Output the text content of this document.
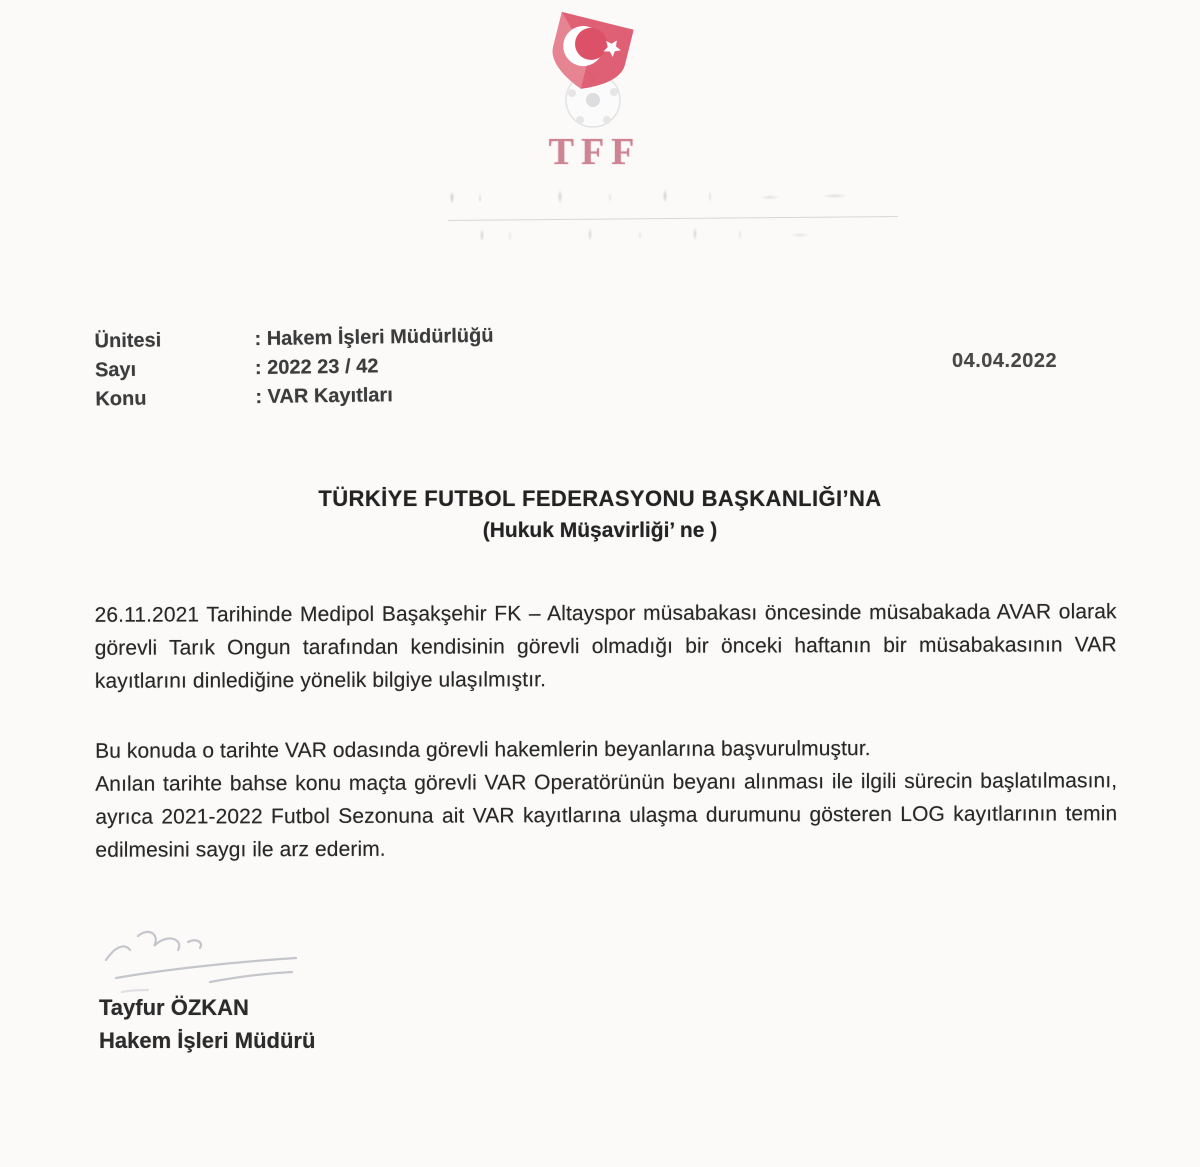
TFF
Ünitesi	: Hakem İşleri Müdürlüğü
Sayı	: 2022 23 / 42
Konu	: VAR Kayıtları
04.04.2022
TÜRKİYE FUTBOL FEDERASYONU BAŞKANLIĞI’NA
(Hukuk Müşavirliği’ ne )
26.11.2021 Tarihinde Medipol Başakşehir FK – Altayspor müsabakası öncesinde müsabakada AVAR olarak görevli Tarık Ongun tarafından kendisinin görevli olmadığı bir önceki haftanın bir müsabakasının VAR kayıtlarını dinlediğine yönelik bilgiye ulaşılmıştır.
Bu konuda o tarihte VAR odasında görevli hakemlerin beyanlarına başvurulmuştur.
Anılan tarihte bahse konu maçta görevli VAR Operatörünün beyanı alınması ile ilgili sürecin başlatılmasını, ayrıca 2021-2022 Futbol Sezonuna ait VAR kayıtlarına ulaşma durumunu gösteren LOG kayıtlarının temin edilmesini saygı ile arz ederim.
Tayfur ÖZKAN
Hakem İşleri Müdürü
